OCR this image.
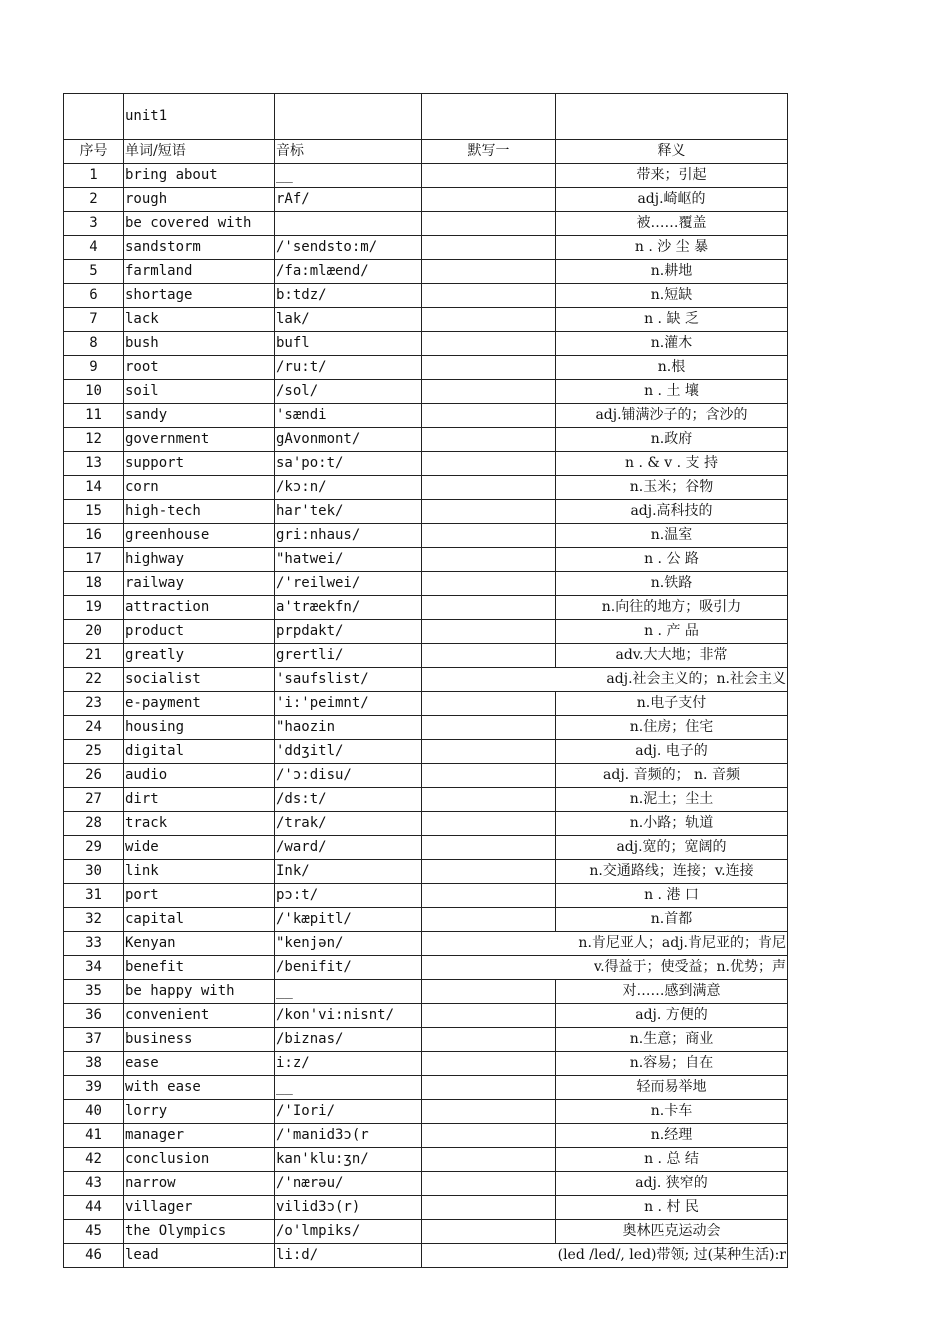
	unit1			
序号	单词/短语	音标	默写一	释义
1	bring about	__		带来；引起
2	rough	rAf/		adj.崎岖的
3	be covered with			被……覆盖
4	sandstorm	/'sendsto:m/		n . 沙 尘 暴
5	farmland	/fa:mlæend/		n.耕地
6	shortage	b:tdz/		n.短缺
7	lack	lak/		n . 缺 乏
8	bush	bufl		n.灌木
9	root	/ru:t/		n.根
10	soil	/sol/		n . 土 壤
11	sandy	'sændi		adj.铺满沙子的；含沙的
12	government	gAvonmont/		n.政府
13	support	sa'po:t/		n . & v . 支 持
14	corn	/kɔ:n/		n.玉米；谷物
15	high-tech	har'tek/		adj.高科技的
16	greenhouse	gri:nhaus/		n.温室
17	highway	"hatwei/		n . 公 路
18	railway	/'reilwei/		n.铁路
19	attraction	a'træekfn/		n.向往的地方；吸引力
20	product	prpdakt/		n . 产 品
21	greatly	grertli/		adv.大大地；非常
22	socialist	'saufslist/		adj.社会主义的；n.社会主义

23	e-payment	'i:'peimnt/		n.电子支付
24	housing	"haozin		n.住房；住宅
25	digital	'ddʒitl/		adj. 电子的
26	audio	/'ɔ:disu/		adj. 音频的； n. 音频
27	dirt	/ds:t/		n.泥土；尘土
28	track	/trak/		n.小路；轨道
29	wide	/ward/		adj.宽的；宽阔的
30	link	Ink/		n.交通路线；连接；v.连接
31	port	pɔ:t/		n . 港 口
32	capital	/'kæpitl/		n.首都
33	Kenyan	"kenjən/		n.肯尼亚人；adj.肯尼亚的；肯尼

34	benefit	/benifit/		v.得益于；使受益；n.优势；声

35	be happy with	__		对……感到满意
36	convenient	/kon'vi:nisnt/		adj. 方便的
37	business	/biznas/		n.生意；商业
38	ease	i:z/		n.容易；自在
39	with ease	__		轻而易举地
40	lorry	/'Iori/		n.卡车
41	manager	/'manid3ɔ(r		n.经理
42	conclusion	kan'klu:ʒn/		n . 总 结
43	narrow	/'nærəu/		adj. 狭窄的
44	villager	vilid3ɔ(r)		n . 村 民
45	the Olympics	/o'lmpiks/		奥林匹克运动会
46	lead	li:d/		(led /led/, led)带领; 过(某种生活):r
